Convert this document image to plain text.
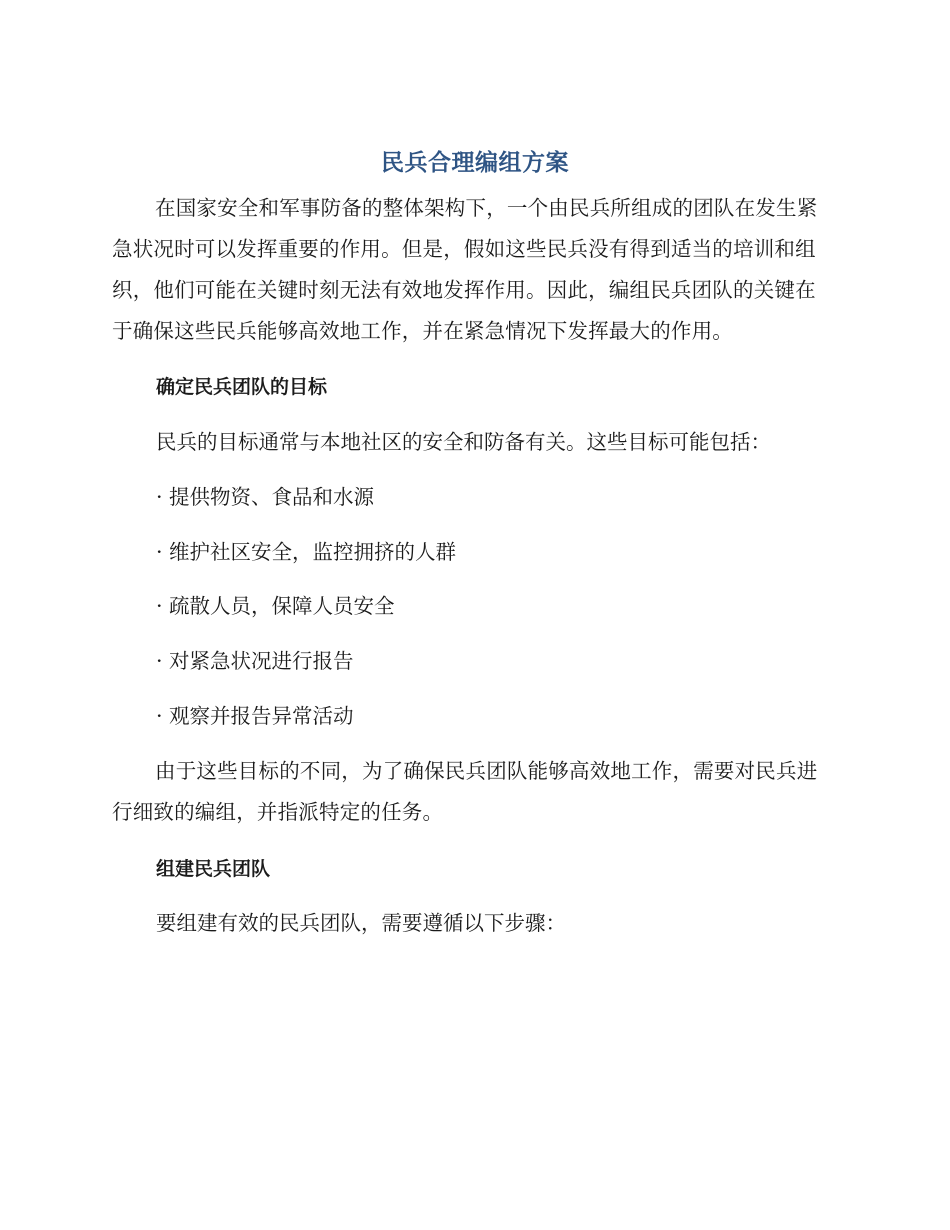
民兵合理编组方案

在国家安全和军事防备的整体架构下，一个由民兵所组成的团队在发生紧急状况时可以发挥重要的作用。但是，假如这些民兵没有得到适当的培训和组织，他们可能在关键时刻无法有效地发挥作用。因此，编组民兵团队的关键在于确保这些民兵能够高效地工作，并在紧急情况下发挥最大的作用。

确定民兵团队的目标

民兵的目标通常与本地社区的安全和防备有关。这些目标可能包括：

· 提供物资、食品和水源

· 维护社区安全，监控拥挤的人群

· 疏散人员，保障人员安全

· 对紧急状况进行报告

· 观察并报告异常活动

由于这些目标的不同，为了确保民兵团队能够高效地工作，需要对民兵进行细致的编组，并指派特定的任务。

组建民兵团队

要组建有效的民兵团队，需要遵循以下步骤：
